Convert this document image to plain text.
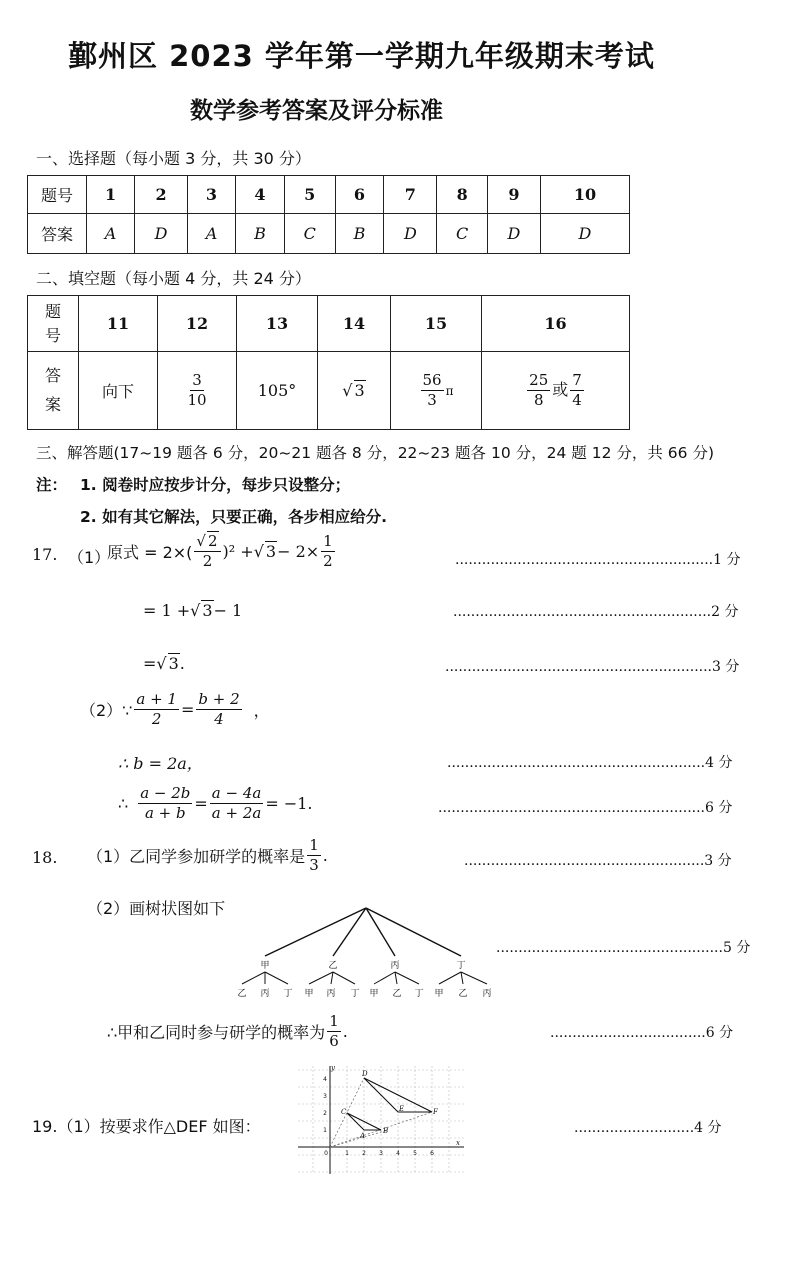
鄞州区 2023 学年第一学期九年级期末考试
数学参考答案及评分标准
一、选择题（每小题 3 分，共 30 分）
题号	1	2	3	4	5	6	7	8	9	10
答案	A	D	A	B	C	B	D	C	D	D
二、填空题（每小题 4 分，共 24 分）
题
号	11	12	13	14	15	16
答
案	向下	$\frac{3}{10}$	105°	√ 3	$\frac{56}{3}$ π	$\frac{25}{8}$ 或 $\frac{7}{4}$
三、解答题(17~19 题各 6 分，20~21 题各 8 分，22~23 题各 10 分，24 题 12 分，共 66 分)
注： 1. 阅卷时应按步计分，每步只设整分；
2. 如有其它解法，只要正确，各步相应给分.
17. （1）
原式 = $2\times( \frac{√ 2}{2} )^2$ + √ $3 - 2\times \frac{1}{2}$	..........................................................1 分
= 1 + √ 3 − 1	..........................................................2 分
= √ 3 .	............................................................3 分
（2）∵ $\frac{a + 1}{2} = \frac{b + 2}{4}$ ，
∴ b = 2a，	..........................................................4 分
∴ $\frac{a - 2b}{a + b} = \frac{a - 4a}{a + 2a} = -1$.	............................................................6 分
18. （1）乙同学参加研学的概率是 $\frac{1}{3}$ .	......................................................3 分
（2）画树状图如下
...................................................5 分
甲	乙	丙	丁
乙 丙 丁 甲 丙 丁 甲 乙 丁 甲 乙 丙
∴甲和乙同时参与研学的概率为 $\frac{1}{6}$ .	...................................6 分
19.（1）按要求作△DEF 如图：	...........................4 分
D
F
E
C
B
A
y
x
0	1 2 3 4 5 6
1
2
3
4
